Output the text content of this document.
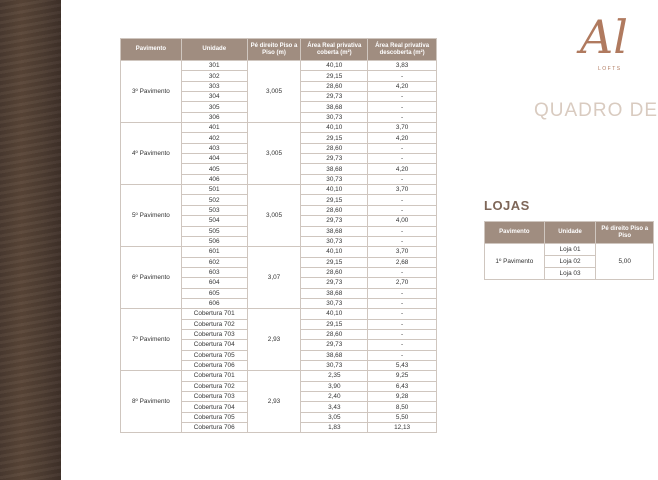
Al
LOFTS
QUADRO DE
Pavimento	Unidade	Pé direito Piso a Piso (m)	Área Real privativa coberta (m²)	Área Real privativa descoberta (m²)
3º Pavimento	301	3,005	40,10	3,83
	302		29,15	-
	303		28,60	4,20
	304		29,73	-
	305		38,68	-
	306		30,73	-
4º Pavimento	401	3,005	40,10	3,70
	402		29,15	4,20
	403		28,60	-
	404		29,73	-
	405		38,68	4,20
	406		30,73	-
5º Pavimento	501	3,005	40,10	3,70
	502		29,15	-
	503		28,60	-
	504		29,73	4,00
	505		38,68	-
	506		30,73	-
6º Pavimento	601	3,07	40,10	3,70
	602		29,15	2,68
	603		28,60	-
	604		29,73	2,70
	605		38,68	-
	606		30,73	-
7º Pavimento	Cobertura 701	2,93	40,10	-
	Cobertura 702		29,15	-
	Cobertura 703		28,60	-
	Cobertura 704		29,73	-
	Cobertura 705		38,68	-
	Cobertura 706		30,73	5,43
8º Pavimento	Cobertura 701	2,93	2,35	9,25
	Cobertura 702		3,90	6,43
	Cobertura 703		2,40	9,28
	Cobertura 704		3,43	8,50
	Cobertura 705		3,05	5,50
	Cobertura 706		1,83	12,13
LOJAS
Pavimento	Unidade	Pé direito Piso a Piso
1º Pavimento	Loja 01	5,00
	Loja 02	
	Loja 03	
